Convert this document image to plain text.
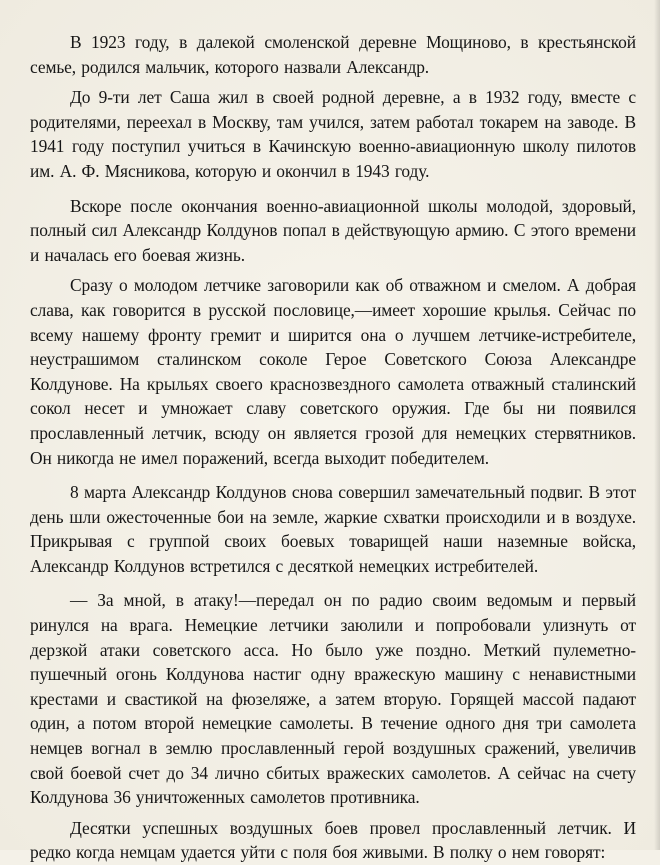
В 1923 году, в далекой смоленской деревне Мощиново, в крестьянской семье, родился мальчик, которого назвали Александр.

До 9-ти лет Саша жил в своей родной деревне, а в 1932 году, вместе с родителями, переехал в Москву, там учился, затем работал токарем на заводе. В 1941 году поступил учиться в Качинскую военно-авиационную школу пилотов им. А. Ф. Мясникова, которую и окончил в 1943 году.

Вскоре после окончания военно-авиационной школы молодой, здоровый, полный сил Александр Колдунов попал в действующую армию. С этого времени и началась его боевая жизнь.

Сразу о молодом летчике заговорили как об отважном и смелом. А добрая слава, как говорится в русской пословице,—имеет хорошие крылья. Сейчас по всему нашему фронту гремит и ширится она о лучшем летчике-истребителе, неустрашимом сталинском соколе Герое Советского Союза Александре Колдунове. На крыльях своего краснозвездного самолета отважный сталинский сокол несет и умножает славу советского оружия. Где бы ни появился прославленный летчик, всюду он является грозой для немецких стервятников. Он никогда не имел поражений, всегда выходит победителем.

8 марта Александр Колдунов снова совершил замечательный подвиг. В этот день шли ожесточенные бои на земле, жаркие схватки происходили и в воздухе. Прикрывая с группой своих боевых товарищей наши наземные войска, Александр Колдунов встретился с десяткой немецких истребителей.

— За мной, в атаку!—передал он по радио своим ведомым и первый ринулся на врага. Немецкие летчики заюлили и попробовали улизнуть от дерзкой атаки советского асса. Но было уже поздно. Меткий пулеметно-пушечный огонь Колдунова настиг одну вражескую машину с ненавистными крестами и свастикой на фюзеляже, а затем вторую. Горящей массой падают один, а потом второй немецкие самолеты. В течение одного дня три самолета немцев вогнал в землю прославленный герой воздушных сражений, увеличив свой боевой счет до 34 лично сбитых вражеских самолетов. А сейчас на счету Колдунова 36 уничтоженных самолетов противника.

Десятки успешных воздушных боев провел прославленный летчик. И редко когда немцам удается уйти с поля боя живыми. В полку о нем говорят:
